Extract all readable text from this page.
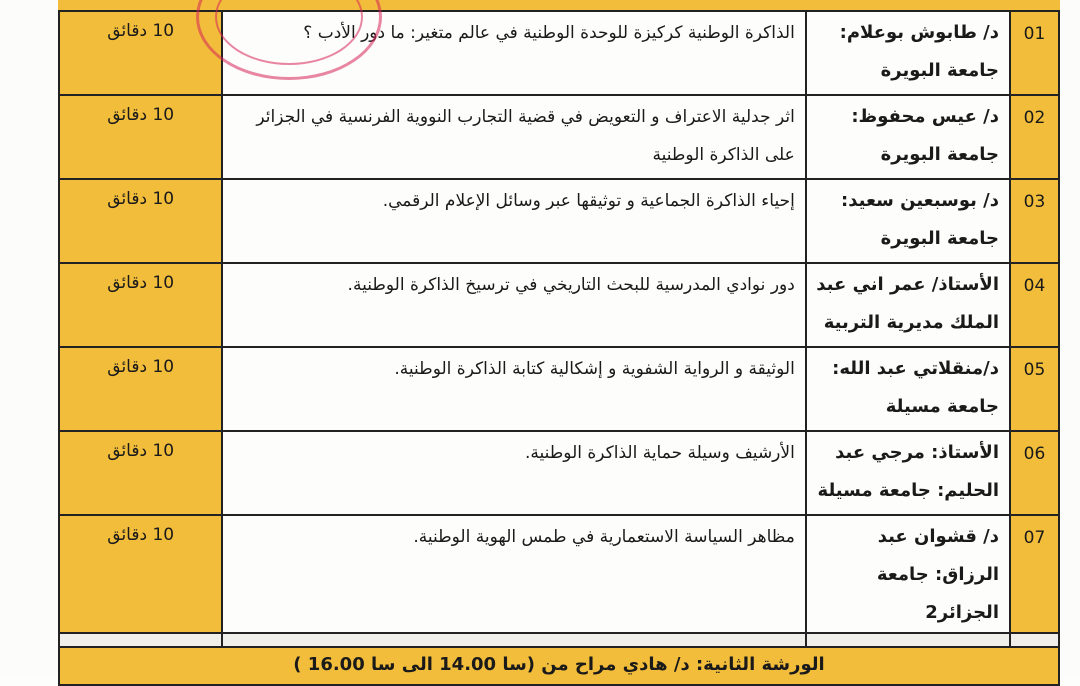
01	د/ طابوش بوعلام: جامعة البويرة	الذاكرة الوطنية كركيزة للوحدة الوطنية في عالم متغير: ما دور الأدب ؟	10 دقائق
02	د/ عيس محفوظ: جامعة البويرة	اثر جدلية الاعتراف و التعويض في قضية التجارب النووية الفرنسية في الجزائر على الذاكرة الوطنية	10 دقائق
03	د/ بوسبعين سعيد: جامعة البويرة	إحياء الذاكرة الجماعية و توثيقها عبر وسائل الإعلام الرقمي.	10 دقائق
04	الأستاذ/ عمر اني عبد الملك مديرية التربية	دور نوادي المدرسية للبحث التاريخي في ترسيخ الذاكرة الوطنية.	10 دقائق
05	د/منقلاتي عبد الله: جامعة مسيلة	الوثيقة و الرواية الشفوية و إشكالية كتابة الذاكرة الوطنية.	10 دقائق
06	الأستاذ: مرجي عبد الحليم: جامعة مسيلة	الأرشيف وسيلة حماية الذاكرة الوطنية.	10 دقائق
07	د/ قشوان عبد الرزاق: جامعة الجزائر2	مظاهر السياسة الاستعمارية في طمس الهوية الوطنية.	10 دقائق

الورشة الثانية: د/ هادي مراح من (سا 14.00 الى سا 16.00 )
